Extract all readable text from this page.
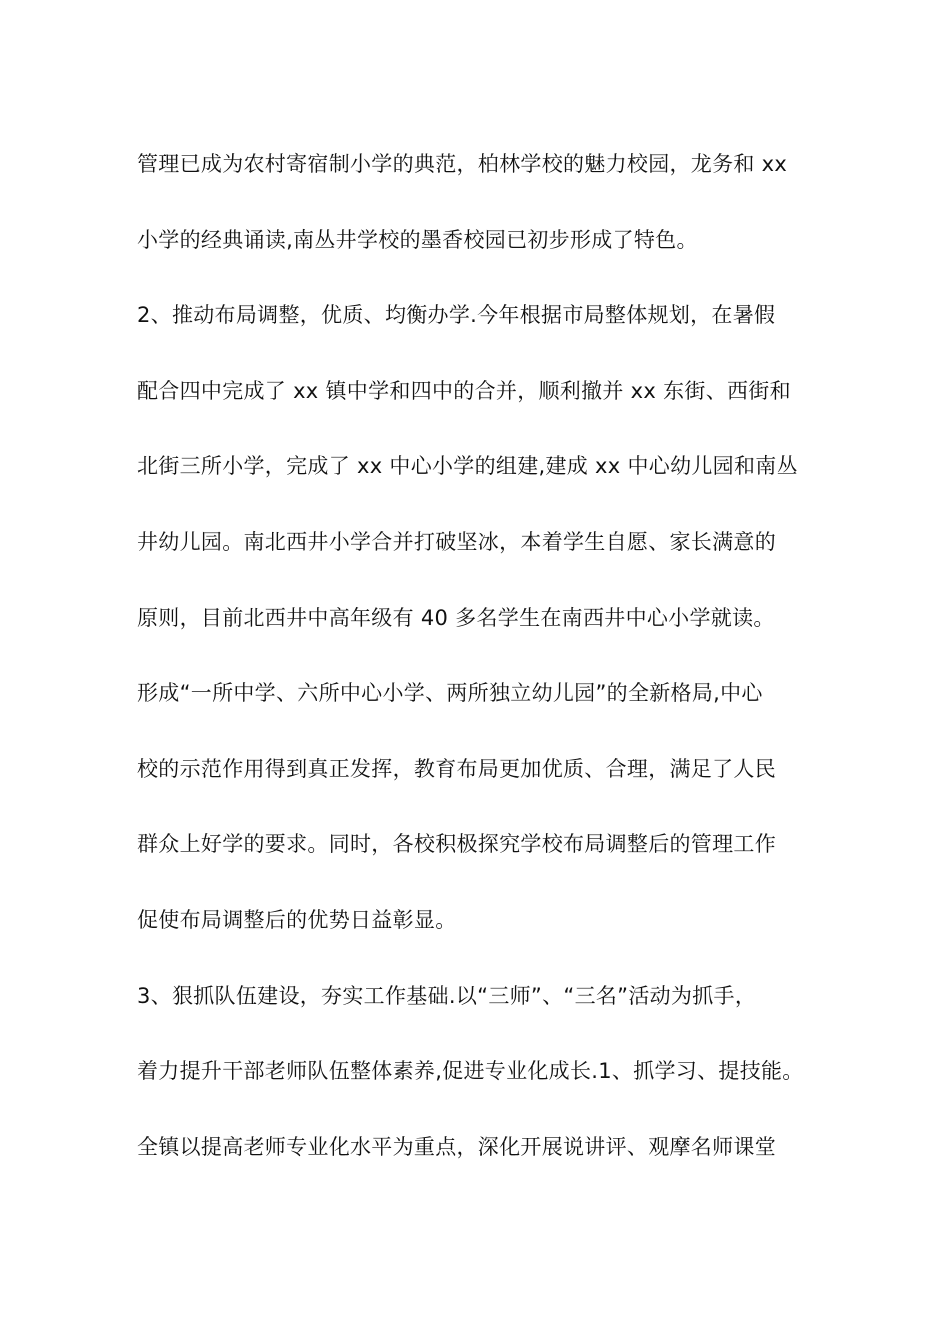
管理已成为农村寄宿制小学的典范，柏林学校的魅力校园，龙务和 xx
小学的经典诵读,南丛井学校的墨香校园已初步形成了特色。
2、推动布局调整，优质、均衡办学.今年根据市局整体规划，在暑假
配合四中完成了 xx 镇中学和四中的合并，顺利撤并 xx 东街、西街和
北街三所小学，完成了 xx 中心小学的组建,建成 xx 中心幼儿园和南丛
井幼儿园。南北西井小学合并打破坚冰，本着学生自愿、家长满意的
原则，目前北西井中高年级有 40 多名学生在南西井中心小学就读。
形成“一所中学、六所中心小学、两所独立幼儿园”的全新格局,中心
校的示范作用得到真正发挥，教育布局更加优质、合理，满足了人民
群众上好学的要求。同时，各校积极探究学校布局调整后的管理工作
促使布局调整后的优势日益彰显。
3、狠抓队伍建设，夯实工作基础.以“三师”、“三名”活动为抓手，
着力提升干部老师队伍整体素养,促进专业化成长.1、抓学习、提技能。
全镇以提高老师专业化水平为重点，深化开展说讲评、观摩名师课堂
